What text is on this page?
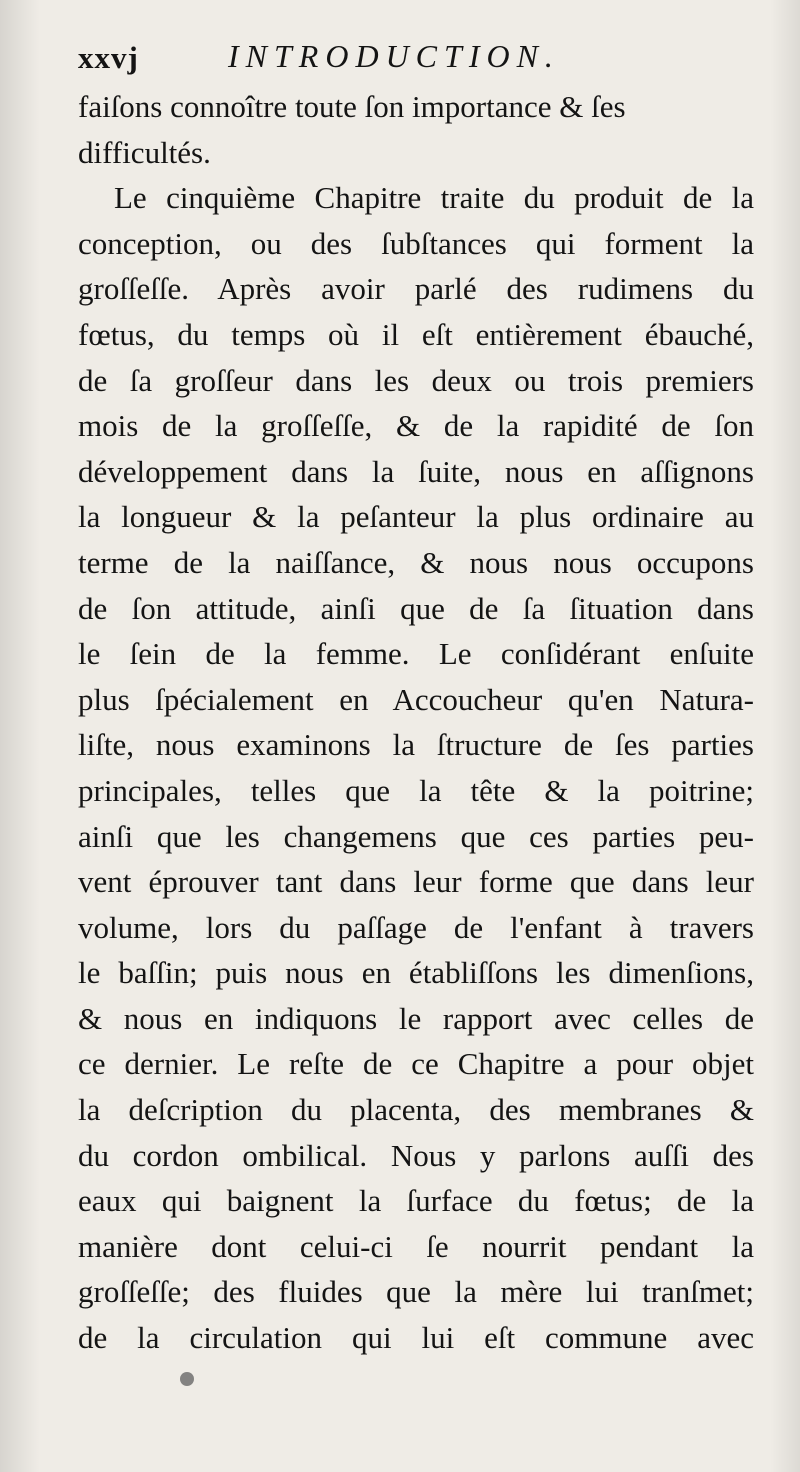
xxvj	INTRODUCTION.
faiſons connoître toute ſon importance & ſes
difficultés.
Le cinquième Chapitre traite du produit de la
conception, ou des ſubſtances qui forment la
groſſeſſe. Après avoir parlé des rudimens du
fœtus, du temps où il eſt entièrement ébauché,
de ſa groſſeur dans les deux ou trois premiers
mois de la groſſeſſe, & de la rapidité de ſon
développement dans la ſuite, nous en aſſignons
la longueur & la peſanteur la plus ordinaire au
terme de la naiſſance, & nous nous occupons
de ſon attitude, ainſi que de ſa ſituation dans
le ſein de la femme. Le conſidérant enſuite
plus ſpécialement en Accoucheur qu'en Natura-
liſte, nous examinons la ſtructure de ſes parties
principales, telles que la tête & la poitrine;
ainſi que les changemens que ces parties peu-
vent éprouver tant dans leur forme que dans leur
volume, lors du paſſage de l'enfant à travers
le baſſin; puis nous en établiſſons les dimenſions,
& nous en indiquons le rapport avec celles de
ce dernier. Le reſte de ce Chapitre a pour objet
la deſcription du placenta, des membranes &
du cordon ombilical. Nous y parlons auſſi des
eaux qui baignent la ſurface du fœtus; de la
manière dont celui-ci ſe nourrit pendant la
groſſeſſe; des fluides que la mère lui tranſmet;
de la circulation qui lui eſt commune avec
